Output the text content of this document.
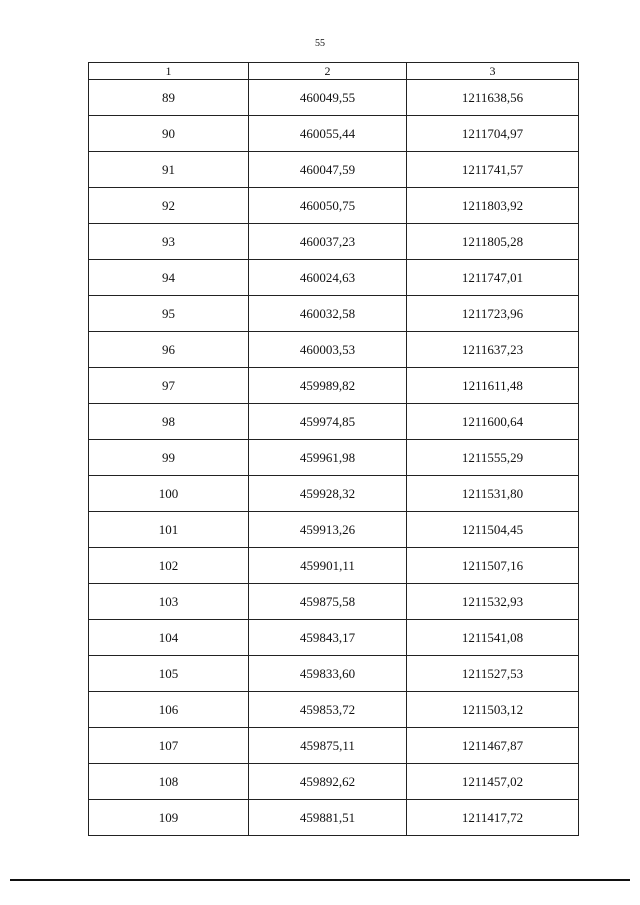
55
1	2	3
89	460049,55	1211638,56
90	460055,44	1211704,97
91	460047,59	1211741,57
92	460050,75	1211803,92
93	460037,23	1211805,28
94	460024,63	1211747,01
95	460032,58	1211723,96
96	460003,53	1211637,23
97	459989,82	1211611,48
98	459974,85	1211600,64
99	459961,98	1211555,29
100	459928,32	1211531,80
101	459913,26	1211504,45
102	459901,11	1211507,16
103	459875,58	1211532,93
104	459843,17	1211541,08
105	459833,60	1211527,53
106	459853,72	1211503,12
107	459875,11	1211467,87
108	459892,62	1211457,02
109	459881,51	1211417,72
